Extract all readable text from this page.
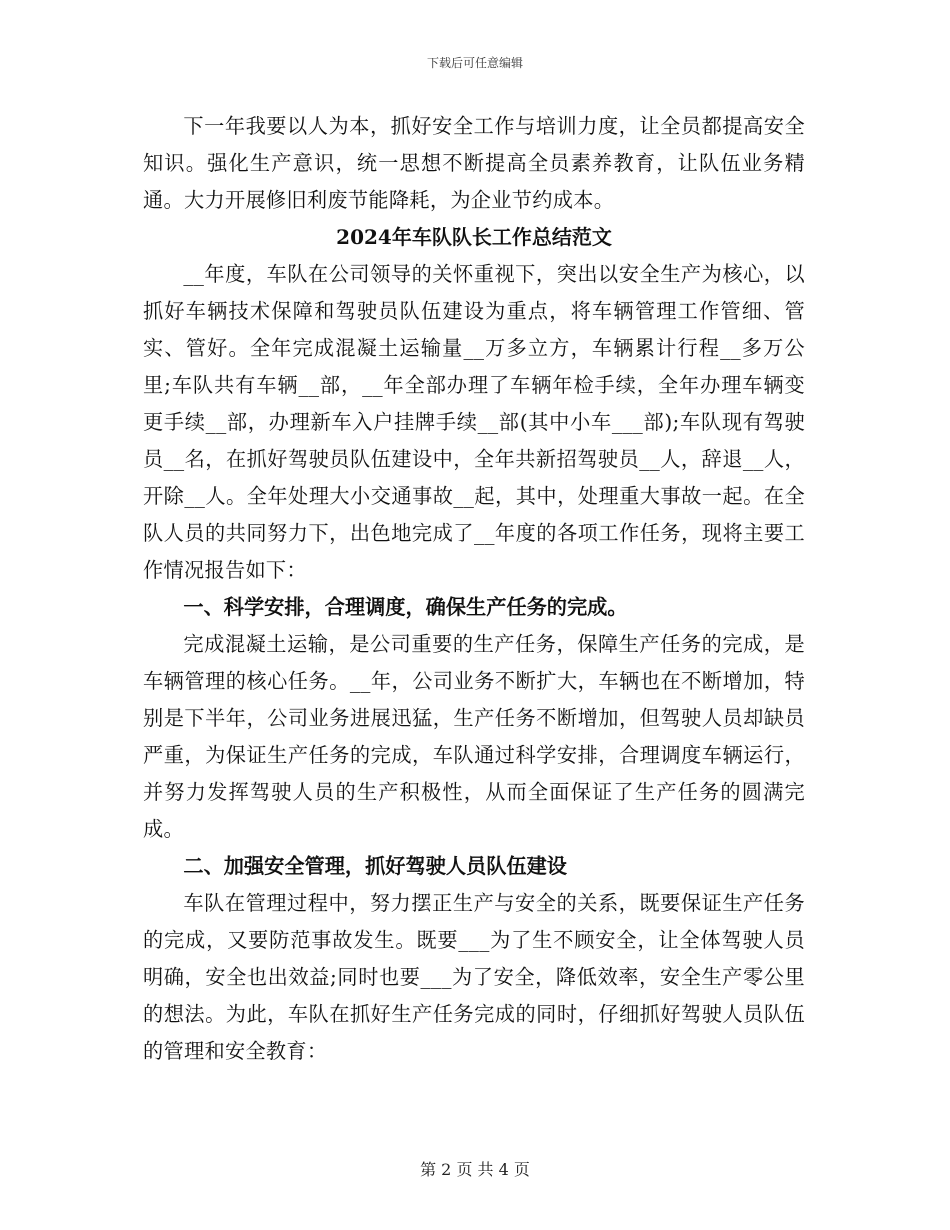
下载后可任意编辑

下一年我要以人为本，抓好安全工作与培训力度，让全员都提高安全知识。强化生产意识，统一思想不断提高全员素养教育，让队伍业务精通。大力开展修旧利废节能降耗，为企业节约成本。

2024年车队队长工作总结范文

__年度，车队在公司领导的关怀重视下，突出以安全生产为核心，以抓好车辆技术保障和驾驶员队伍建设为重点，将车辆管理工作管细、管实、管好。全年完成混凝土运输量__万多立方，车辆累计行程__多万公里;车队共有车辆__部，__年全部办理了车辆年检手续，全年办理车辆变更手续__部，办理新车入户挂牌手续__部(其中小车___部);车队现有驾驶员__名，在抓好驾驶员队伍建设中，全年共新招驾驶员__人，辞退__人，开除__人。全年处理大小交通事故__起，其中，处理重大事故一起。在全队人员的共同努力下，出色地完成了__年度的各项工作任务，现将主要工作情况报告如下：

一、科学安排，合理调度，确保生产任务的完成。

完成混凝土运输，是公司重要的生产任务，保障生产任务的完成，是车辆管理的核心任务。__年，公司业务不断扩大，车辆也在不断增加，特别是下半年，公司业务进展迅猛，生产任务不断增加，但驾驶人员却缺员严重，为保证生产任务的完成，车队通过科学安排，合理调度车辆运行，并努力发挥驾驶人员的生产积极性，从而全面保证了生产任务的圆满完成。

二、加强安全管理，抓好驾驶人员队伍建设

车队在管理过程中，努力摆正生产与安全的关系，既要保证生产任务的完成，又要防范事故发生。既要___为了生不顾安全，让全体驾驶人员明确，安全也出效益;同时也要___为了安全，降低效率，安全生产零公里的想法。为此，车队在抓好生产任务完成的同时，仔细抓好驾驶人员队伍的管理和安全教育：

第 2 页 共 4 页
